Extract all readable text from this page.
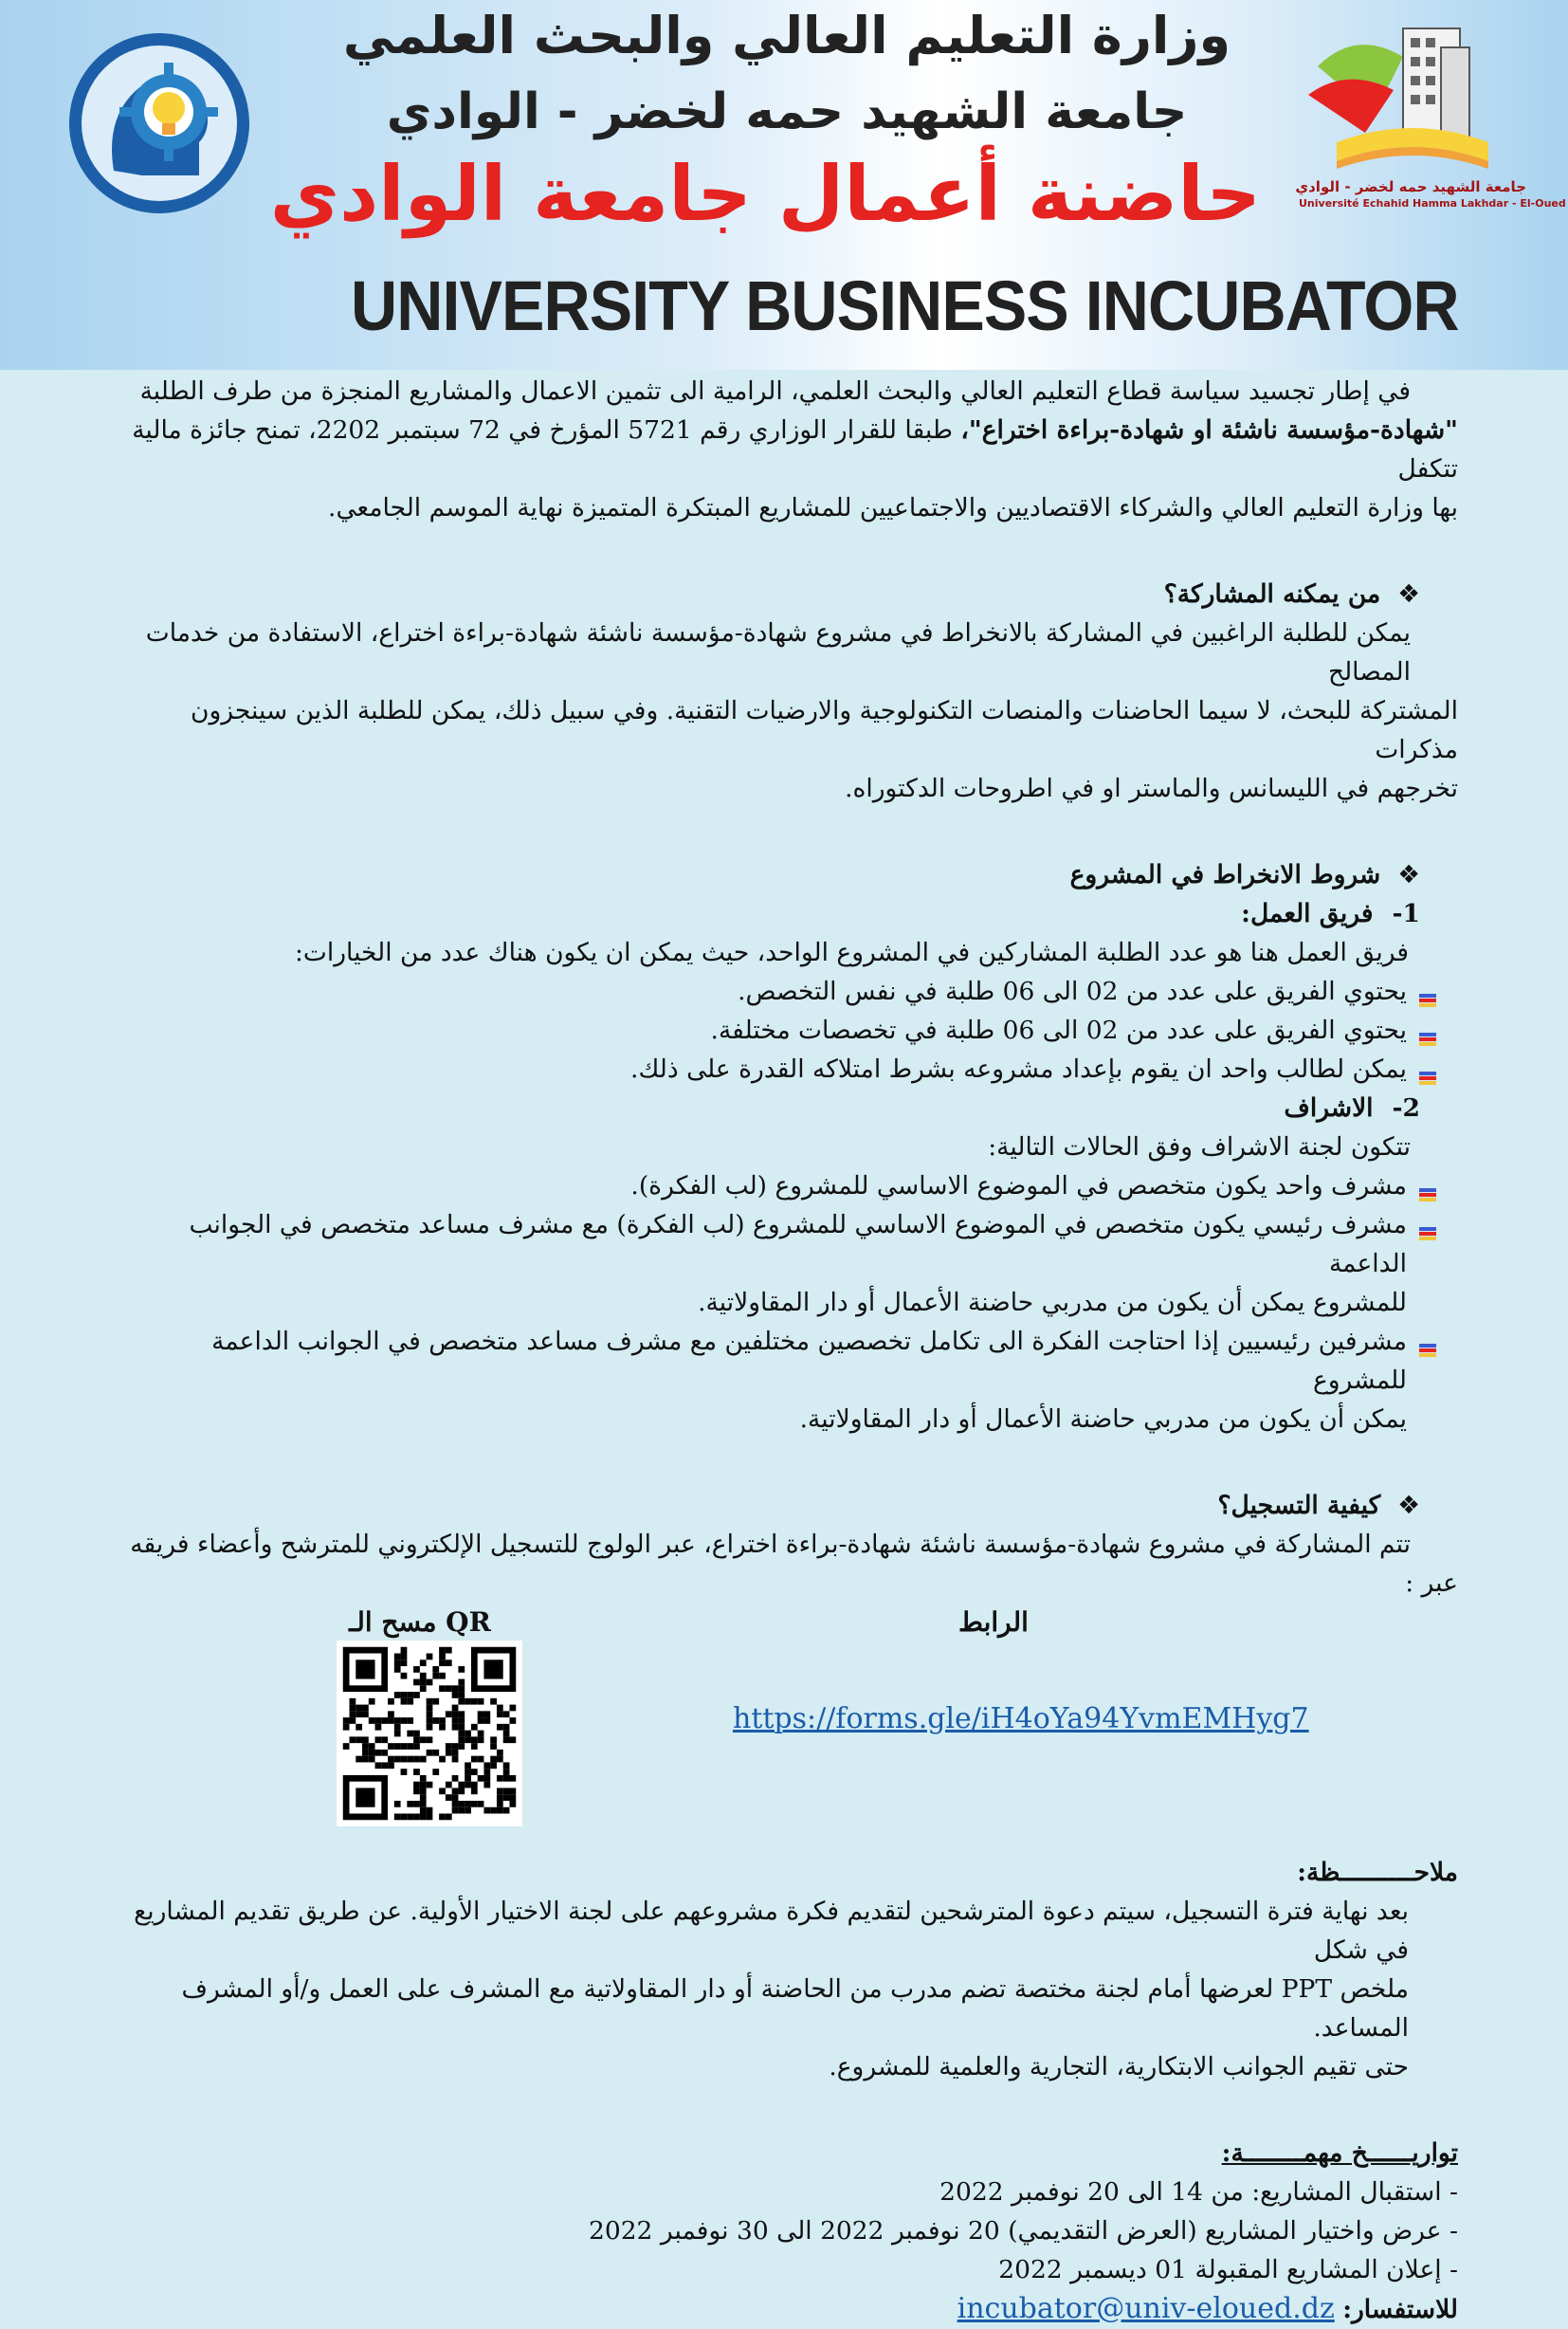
وزارة التعليم العالي والبحث العلمي
جامعة الشهيد حمه لخضر - الوادي
حاضنة أعمال جامعة الوادي
UNIVERSITY BUSINESS INCUBATOR
جامعة الشهيد حمه لخضر - الوادي
Université Echahid Hamma Lakhdar - El-Oued

في إطار تجسيد سياسة قطاع التعليم العالي والبحث العلمي، الرامية الى تثمين الاعمال والمشاريع المنجزة من طرف الطلبة

"شهادة-مؤسسة ناشئة او شهادة-براءة اختراع"، طبقا للقرار الوزاري رقم 5721 المؤرخ في 72 سبتمبر 2202، تمنح جائزة مالية تتكفل

بها وزارة التعليم العالي والشركاء الاقتصاديين والاجتماعيين للمشاريع المبتكرة المتميزة نهاية الموسم الجامعي.

❖من يمكنه المشاركة؟

يمكن للطلبة الراغبين في المشاركة بالانخراط في مشروع شهادة-مؤسسة ناشئة شهادة-براءة اختراع، الاستفادة من خدمات المصالح

المشتركة للبحث، لا سيما الحاضنات والمنصات التكنولوجية والارضيات التقنية. وفي سبيل ذلك، يمكن للطلبة الذين سينجزون مذكرات

تخرجهم في الليسانس والماستر او في اطروحات الدكتوراه.

❖شروط الانخراط في المشروع

1-فريق العمل:

فريق العمل هنا هو عدد الطلبة المشاركين في المشروع الواحد، حيث يمكن ان يكون هناك عدد من الخيارات:

يحتوي الفريق على عدد من 02 الى 06 طلبة في نفس التخصص.

يحتوي الفريق على عدد من 02 الى 06 طلبة في تخصصات مختلفة.

يمكن لطالب واحد ان يقوم بإعداد مشروعه بشرط امتلاكه القدرة على ذلك.

2-الاشراف

تتكون لجنة الاشراف وفق الحالات التالية:

مشرف واحد يكون متخصص في الموضوع الاساسي للمشروع (لب الفكرة).

مشرف رئيسي يكون متخصص في الموضوع الاساسي للمشروع (لب الفكرة) مع مشرف مساعد متخصص في الجوانب الداعمة

للمشروع يمكن أن يكون من مدربي حاضنة الأعمال أو دار المقاولاتية.

مشرفين رئيسيين إذا احتاجت الفكرة الى تكامل تخصصين مختلفين مع مشرف مساعد متخصص في الجوانب الداعمة للمشروع

يمكن أن يكون من مدربي حاضنة الأعمال أو دار المقاولاتية.

❖كيفية التسجيل؟

تتم المشاركة في مشروع شهادة-مؤسسة ناشئة شهادة-براءة اختراع، عبر الولوج للتسجيل الإلكتروني للمترشح وأعضاء فريقه

عبر :

مسح الـ QR	الرابط
https://forms.gle/iH4oYa94YvmEMHyg7

ملاحــــــــــظة:

بعد نهاية فترة التسجيل، سيتم دعوة المترشحين لتقديم فكرة مشروعهم على لجنة الاختيار الأولية. عن طريق تقديم المشاريع في شكل

ملخص PPT لعرضها أمام لجنة مختصة تضم مدرب من الحاضنة أو دار المقاولاتية مع المشرف على العمل و/أو المشرف المساعد.

حتى تقيم الجوانب الابتكارية، التجارية والعلمية للمشروع.

تواريــــــخ مهمــــــــة:

- استقبال المشاريع: من 14 الى 20 نوفمبر 2022

- عرض واختيار المشاريع (العرض التقديمي) 20 نوفمبر 2022 الى 30 نوفمبر 2022

- إعلان المشاريع المقبولة 01 ديسمبر 2022

للاستفسار: incubator@univ-eloued.dz
